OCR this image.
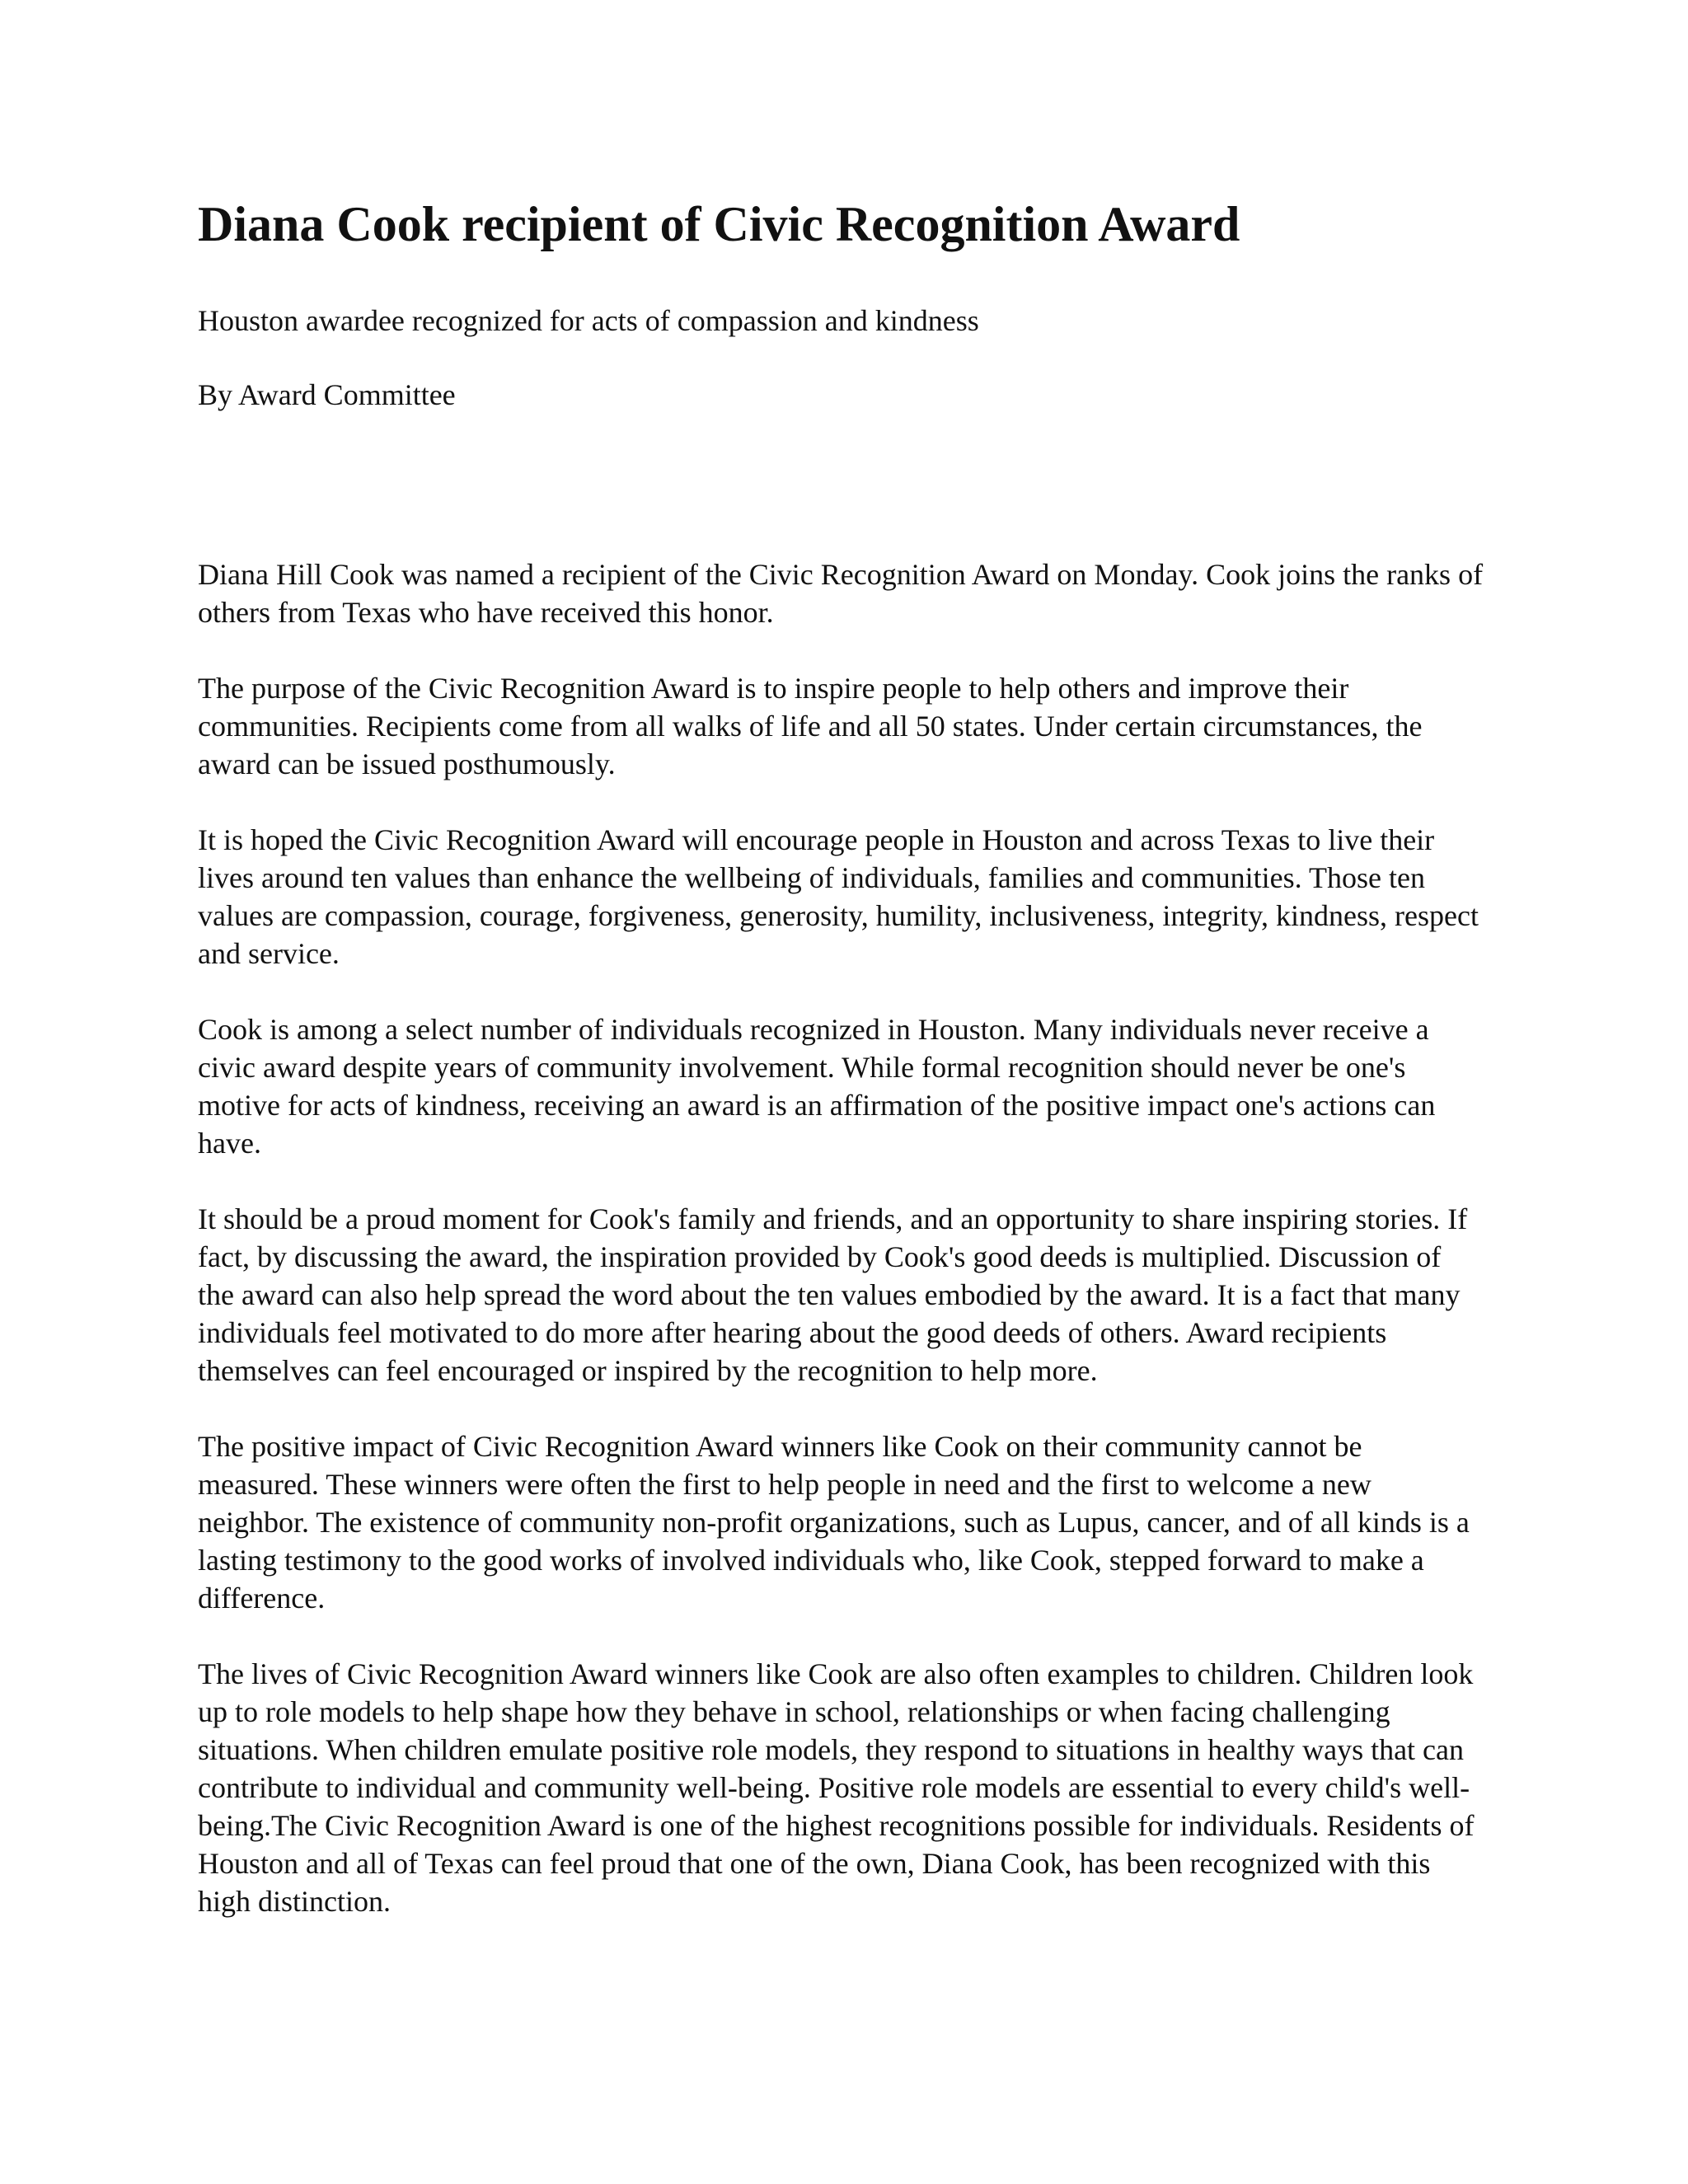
Diana Cook recipient of Civic Recognition Award

Houston awardee recognized for acts of compassion and kindness

By Award Committee

Diana Hill Cook was named a recipient of the Civic Recognition Award on Monday. Cook joins the ranks of others from Texas who have received this honor.

The purpose of the Civic Recognition Award is to inspire people to help others and improve their communities. Recipients come from all walks of life and all 50 states. Under certain circumstances, the award can be issued posthumously.

It is hoped the Civic Recognition Award will encourage people in Houston and across Texas to live their lives around ten values than enhance the wellbeing of individuals, families and communities. Those ten values are compassion, courage, forgiveness, generosity, humility, inclusiveness, integrity, kindness, respect and service.

Cook is among a select number of individuals recognized in Houston. Many individuals never receive a civic award despite years of community involvement. While formal recognition should never be one's motive for acts of kindness, receiving an award is an affirmation of the positive impact one's actions can have.

It should be a proud moment for Cook's family and friends, and an opportunity to share inspiring stories. If fact, by discussing the award, the inspiration provided by Cook's good deeds is multiplied. Discussion of the award can also help spread the word about the ten values embodied by the award. It is a fact that many individuals feel motivated to do more after hearing about the good deeds of others. Award recipients themselves can feel encouraged or inspired by the recognition to help more.

The positive impact of Civic Recognition Award winners like Cook on their community cannot be measured. These winners were often the first to help people in need and the first to welcome a new neighbor. The existence of community non-profit organizations, such as Lupus, cancer, and of all kinds is a lasting testimony to the good works of involved individuals who, like Cook, stepped forward to make a difference.

The lives of Civic Recognition Award winners like Cook are also often examples to children. Children look up to role models to help shape how they behave in school, relationships or when facing challenging situations. When children emulate positive role models, they respond to situations in healthy ways that can contribute to individual and community well-being. Positive role models are essential to every child's well-being.The Civic Recognition Award is one of the highest recognitions possible for individuals. Residents of Houston and all of Texas can feel proud that one of the own, Diana Cook, has been recognized with this high distinction.
